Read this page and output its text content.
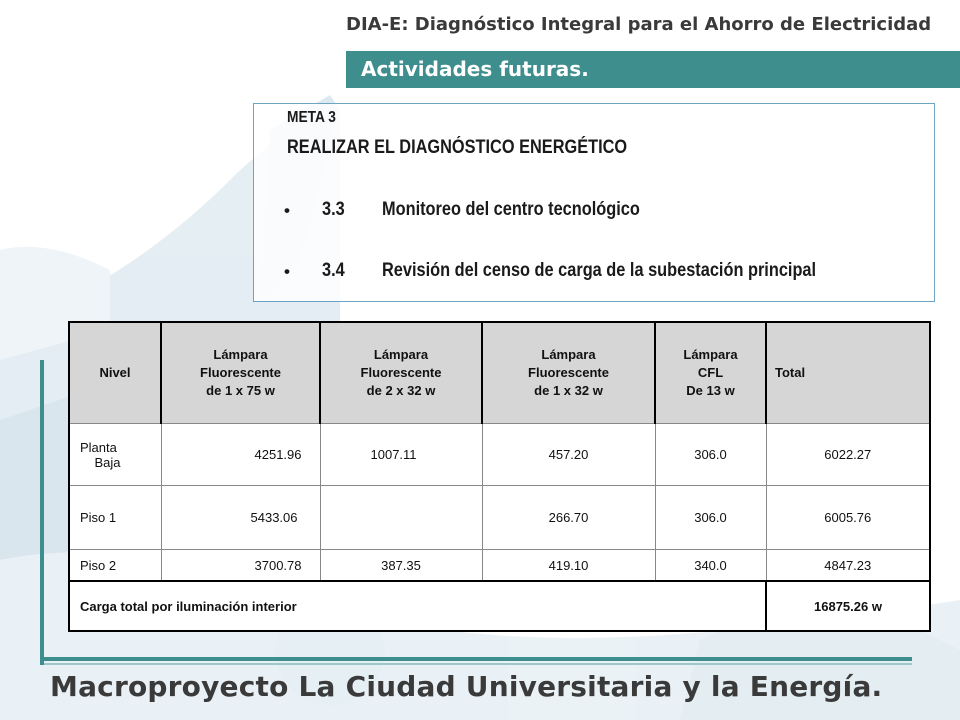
DIA-E: Diagnóstico Integral para el Ahorro de Electricidad
Actividades futuras.
META 3
REALIZAR EL DIAGNÓSTICO ENERGÉTICO
• 3.3 Monitoreo del centro tecnológico
• 3.4 Revisión del censo de carga de la subestación principal
Nivel	Lámpara
Fluorescente
de 1 x 75 w	Lámpara
Fluorescente
de 2 x 32 w	Lámpara
Fluorescente
de 1 x 32 w	Lámpara
CFL
De 13 w	Total
Planta
Baja	4251.96	1007.11	457.20	306.0	6022.27
Piso 1	5433.06		266.70	306.0	6005.76
Piso 2	3700.78	387.35	419.10	340.0	4847.23
Carga total por iluminación interior					16875.26 w
Macroproyecto La Ciudad Universitaria y la Energía.
